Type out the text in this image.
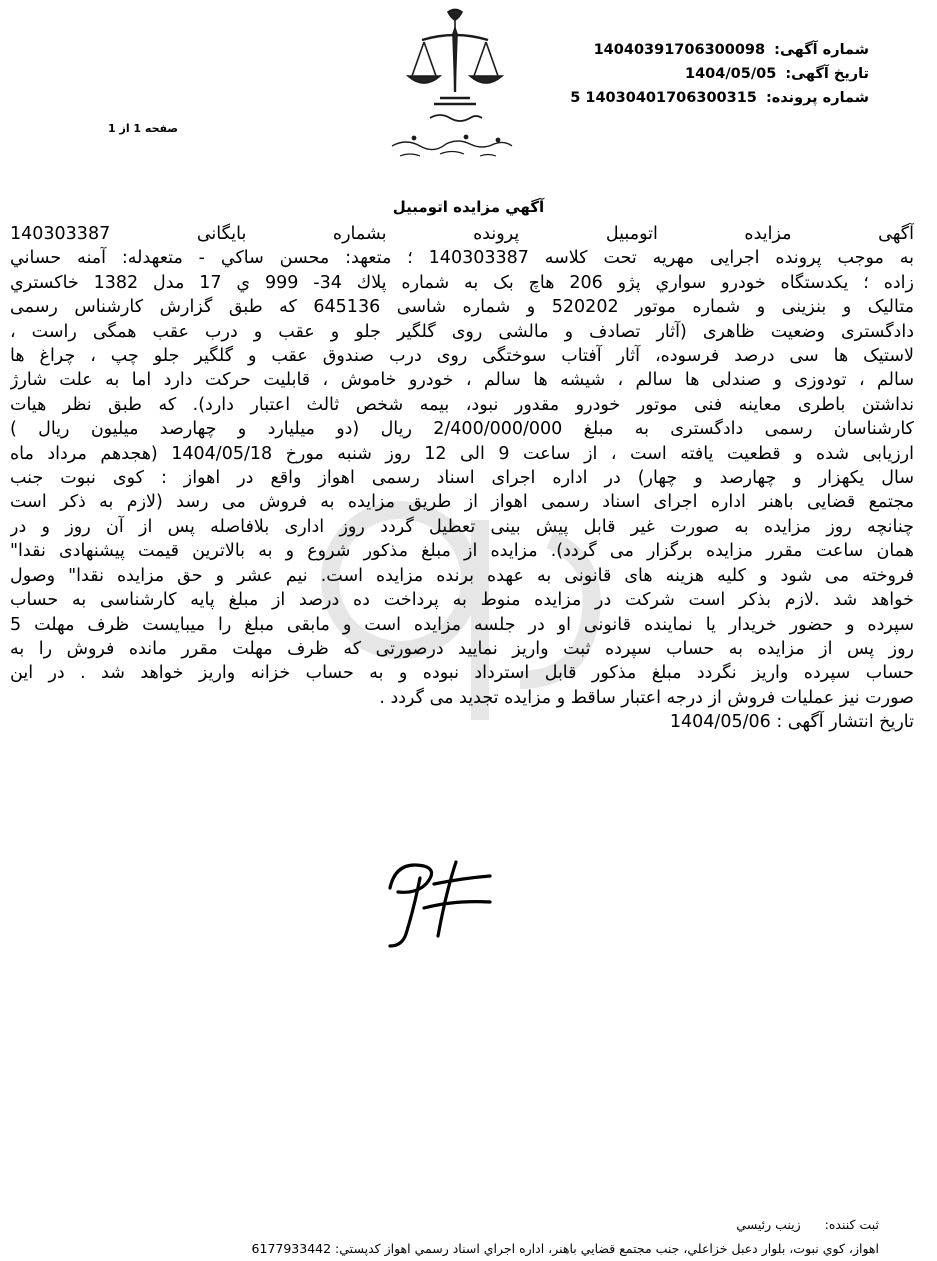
شماره آگهی: 14040391706300098
تاريخ آگهی: 1404/05/05
شماره پرونده: 14030401706300315 5
صفحه 1 از 1
آگهي مزايده اتومبيل
آگهی مزایده اتومبیل پرونده بشماره بایگانی 140303387
به موجب پرونده اجرايی مهريه تحت کلاسه 140303387 ؛ متعهد: محسن ساكي - متعهدله: آمنه حساني
زاده ؛ يكدستگاه خودرو سواري پژو 206 هاچ بک به شماره پلاك 34- 999 ي 17 مدل 1382 خاكستري
متاليک و بنزينی و شماره موتور 520202 و شماره شاسی 645136 که طبق گزارش کارشناس رسمی
دادگستری وضعيت ظاهری (آثار تصادف و مالشی روی گلگير جلو و عقب و درب عقب همگی راست ،
لاستيک ها سی درصد فرسوده، آثار آفتاب سوختگی روی درب صندوق عقب و گلگير جلو چپ ، چراغ ها
سالم ، تودوزی و صندلی ها سالم ، شيشه ها سالم ، خودرو خاموش ، قابليت حرکت دارد اما به علت شارژ
نداشتن باطری معاينه فنی موتور خودرو مقدور نبود، بيمه شخص ثالث اعتبار دارد). كه طبق نظر هيات
كارشناسان رسمی دادگستری به مبلغ 2/400/000/000 ريال (دو ميليارد و چهارصد ميليون ريال )
ارزيابی شده و قطعيت يافته است ، از ساعت 9 الی 12 روز شنبه مورخ 1404/05/18 (هجدهم مرداد ماه
سال يكهزار و چهارصد و چهار) در اداره اجرای اسناد رسمی اهواز واقع در اهواز : كوی نبوت جنب
مجتمع قضايی باهنر اداره اجرای اسناد رسمی اهواز از طريق مزايده به فروش می رسد (لازم به ذكر است
چنانچه روز مزايده به صورت غير قابل پيش بينی تعطيل گردد روز اداری بلافاصله پس از آن روز و در
همان ساعت مقرر مزايده برگزار می گردد). مزايده از مبلغ مذكور شروع و به بالاترين قيمت پيشنهادی نقدا"
فروخته می شود و كليه هزينه های قانونی به عهده برنده مزايده است. نيم عشر و حق مزايده نقدا" وصول
خواهد شد .لازم بذكر است شركت در مزايده منوط به پرداخت ده درصد از مبلغ پايه كارشناسی به حساب
سپرده و حضور خريدار يا نماينده قانونی او در جلسه مزايده است و مابقی مبلغ را ميبايست ظرف مهلت 5
روز پس از مزايده به حساب سپرده ثبت واريز نماييد درصورتی كه ظرف مهلت مقرر مانده فروش را به
حساب سپرده واريز نگردد مبلغ مذكور قابل استرداد نبوده و به حساب خزانه واريز خواهد شد . در اين
صورت نيز عمليات فروش از درجه اعتبار ساقط و مزايده تجديد می گردد .
تاريخ انتشار آگهی : 1404/05/06
ثبت كننده: زينب رئيسي
اهواز، كوي نبوت، بلوار دعبل خزاعلي، جنب مجتمع قضايي باهنر، اداره اجراي اسناد رسمي اهواز كدپستي: 6177933442
